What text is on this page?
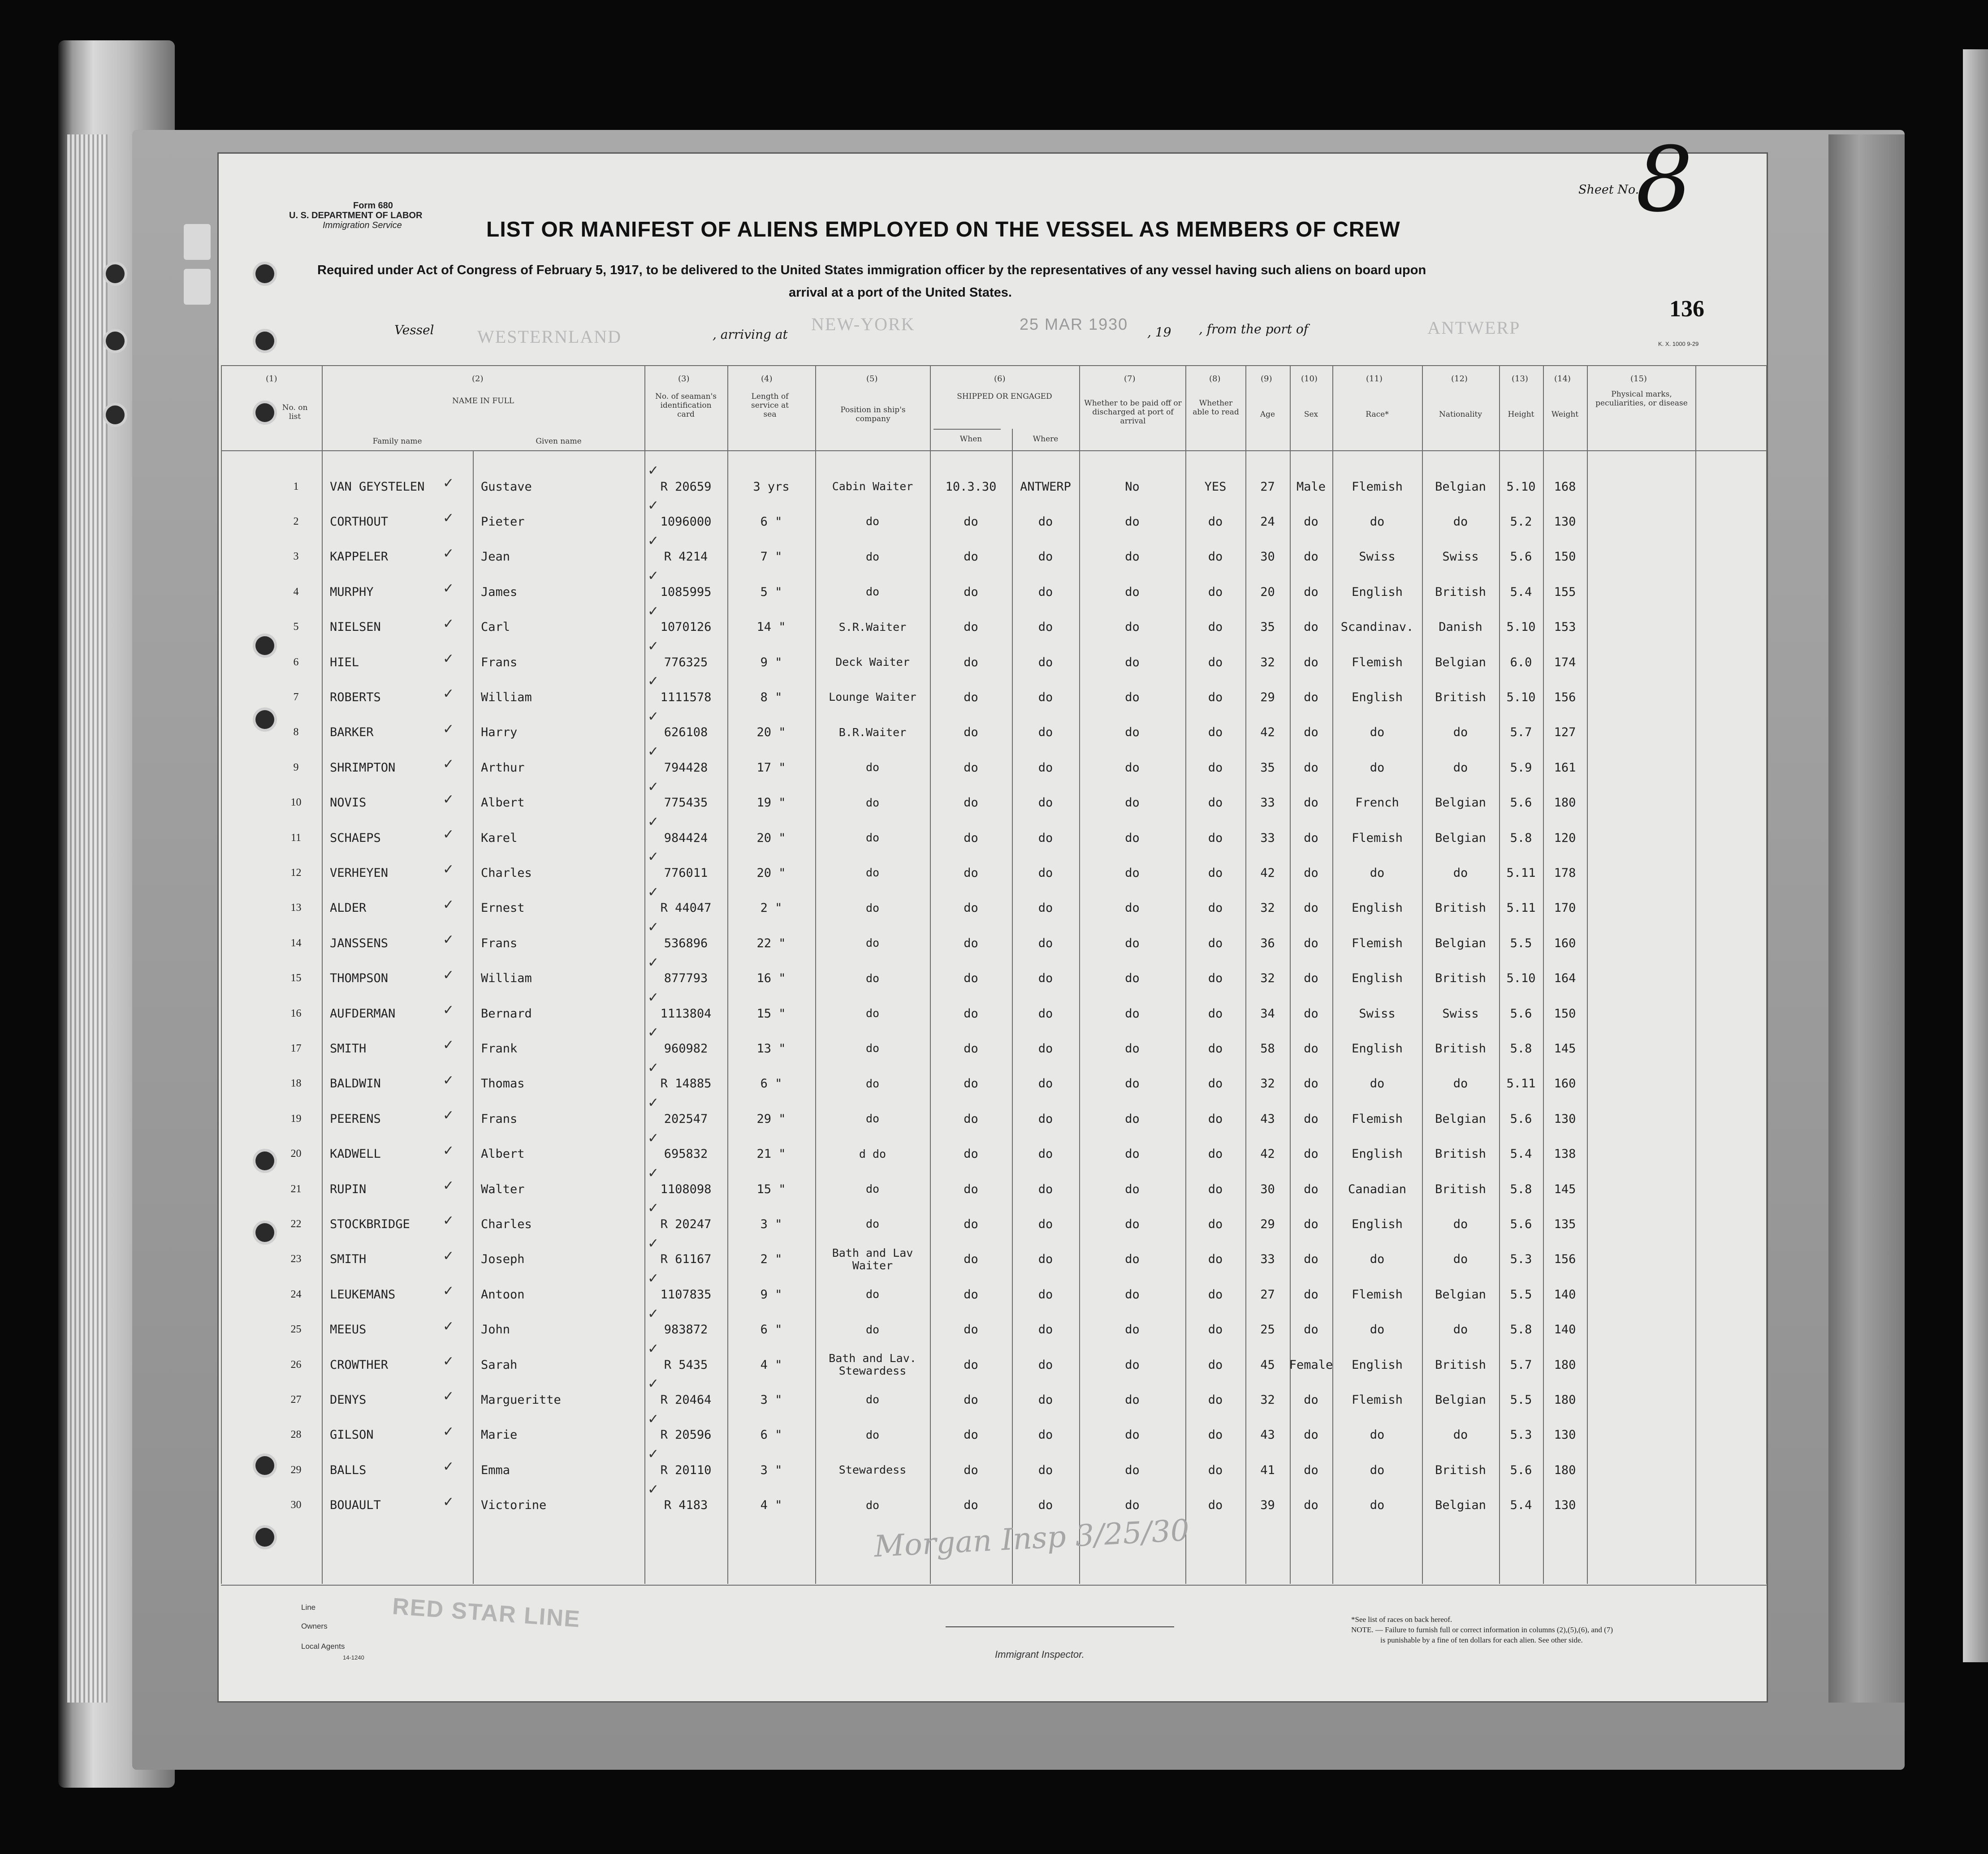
Form 680
U. S. DEPARTMENT OF LABOR
Immigration Service
Sheet No.
8
LIST OR MANIFEST OF ALIENS EMPLOYED ON THE VESSEL AS MEMBERS OF CREW
Required under Act of Congress of February 5, 1917, to be delivered to the United States immigration officer by the representatives of any vessel having such aliens on board upon
arrival at a port of the United States.
136
K. X. 1000 9-29
Vessel WESTERNLAND	, arriving at
NEW-YORK	25 MAR 1930 , 19 , from the port of	ANTWERP
(1)	(2)	(3)	(4)	(5)	(6)	(7)	(8)	(9)	(10)	(11)	(12)	(13)	(14)	(15)
No. on list
NAME IN FULL
Family name	Given name
No. of seaman's identification card
Length of service at sea	Position in ship's company
SHIPPED OR ENGAGED
When	Where
Whether to be paid off or discharged at port of arrival
Whether able to read	Age	Sex	Race*	Nationality	Height	Weight
Physical marks, peculiarities, or disease
1	VAN GEYSTELEN	Gustave	R 20659	3 yrs	Cabin Waiter	10.3.30	ANTWERP	No	YES	27	Male	Flemish	Belgian	5.10	168
✓
✓
2	CORTHOUT	Pieter	1096000	6 "	do	do	do	do	do	24	do	do	do	5.2	130
✓
✓
3	KAPPELER	Jean	R 4214	7 "	do	do	do	do	do	30	do	Swiss	Swiss	5.6	150
✓
✓
4	MURPHY	James	1085995	5 "	do	do	do	do	do	20	do	English	British	5.4	155
✓
✓
5	NIELSEN	Carl	1070126	14 "	S.R.Waiter	do	do	do	do	35	do	Scandinav.	Danish	5.10	153
✓
✓
6	HIEL	Frans	776325	9 "	Deck Waiter	do	do	do	do	32	do	Flemish	Belgian	6.0	174
✓
✓
7	ROBERTS	William	1111578	8 "	Lounge Waiter	do	do	do	do	29	do	English	British	5.10	156
✓
✓
8	BARKER	Harry	626108	20 "	B.R.Waiter	do	do	do	do	42	do	do	do	5.7	127
✓
✓
9	SHRIMPTON	Arthur	794428	17 "	do	do	do	do	do	35	do	do	do	5.9	161
✓
✓
10	NOVIS	Albert	775435	19 "	do	do	do	do	do	33	do	French	Belgian	5.6	180
✓
✓
11	SCHAEPS	Karel	984424	20 "	do	do	do	do	do	33	do	Flemish	Belgian	5.8	120
✓
✓
12	VERHEYEN	Charles	776011	20 "	do	do	do	do	do	42	do	do	do	5.11	178
✓
✓
13	ALDER	Ernest	R 44047	2 "	do	do	do	do	do	32	do	English	British	5.11	170
✓
✓
14	JANSSENS	Frans	536896	22 "	do	do	do	do	do	36	do	Flemish	Belgian	5.5	160
✓
✓
15	THOMPSON	William	877793	16 "	do	do	do	do	do	32	do	English	British	5.10	164
✓
✓
16	AUFDERMAN	Bernard	1113804	15 "	do	do	do	do	do	34	do	Swiss	Swiss	5.6	150
✓
✓
17	SMITH	Frank	960982	13 "	do	do	do	do	do	58	do	English	British	5.8	145
✓
✓
18	BALDWIN	Thomas	R 14885	6 "	do	do	do	do	do	32	do	do	do	5.11	160
✓
✓
19	PEERENS	Frans	202547	29 "	do	do	do	do	do	43	do	Flemish	Belgian	5.6	130
✓
✓
20	KADWELL	Albert	695832	21 "	d do	do	do	do	do	42	do	English	British	5.4	138
✓
✓
21	RUPIN	Walter	1108098	15 "	do	do	do	do	do	30	do	Canadian	British	5.8	145
✓
✓
22	STOCKBRIDGE	Charles	R 20247	3 "	do	do	do	do	do	29	do	English	do	5.6	135
✓
✓
23	SMITH	Joseph	R 61167	2 "	Bath and Lav Waiter	do	do	do	do	33	do	do	do	5.3	156
✓
✓
24	LEUKEMANS	Antoon	1107835	9 "	do	do	do	do	do	27	do	Flemish	Belgian	5.5	140
✓
✓
25	MEEUS	John	983872	6 "	do	do	do	do	do	25	do	do	do	5.8	140
✓
✓
26	CROWTHER	Sarah	R 5435	4 "	Bath and Lav. Stewardess	do	do	do	do	45	Female	English	British	5.7	180
✓
✓
27	DENYS	Margueritte	R 20464	3 "	do	do	do	do	do	32	do	Flemish	Belgian	5.5	180
✓
✓
28	GILSON	Marie	R 20596	6 "	do	do	do	do	do	43	do	do	do	5.3	130
✓
✓
29	BALLS	Emma	R 20110	3 "	Stewardess	do	do	do	do	41	do	do	British	5.6	180
✓
✓
30	BOUAULT	Victorine	R 4183	4 "	do	do	do	do	do	39	do	do	Belgian	5.4	130
✓
✓
Morgan Insp 3/25/30
Line
Owners
Local Agents
14-1240
RED STAR LINE
Immigrant Inspector.
*See list of races on back hereof.
NOTE. — Failure to furnish full or correct information in columns (2),(5),(6), and (7)
is punishable by a fine of ten dollars for each alien. See other side.
